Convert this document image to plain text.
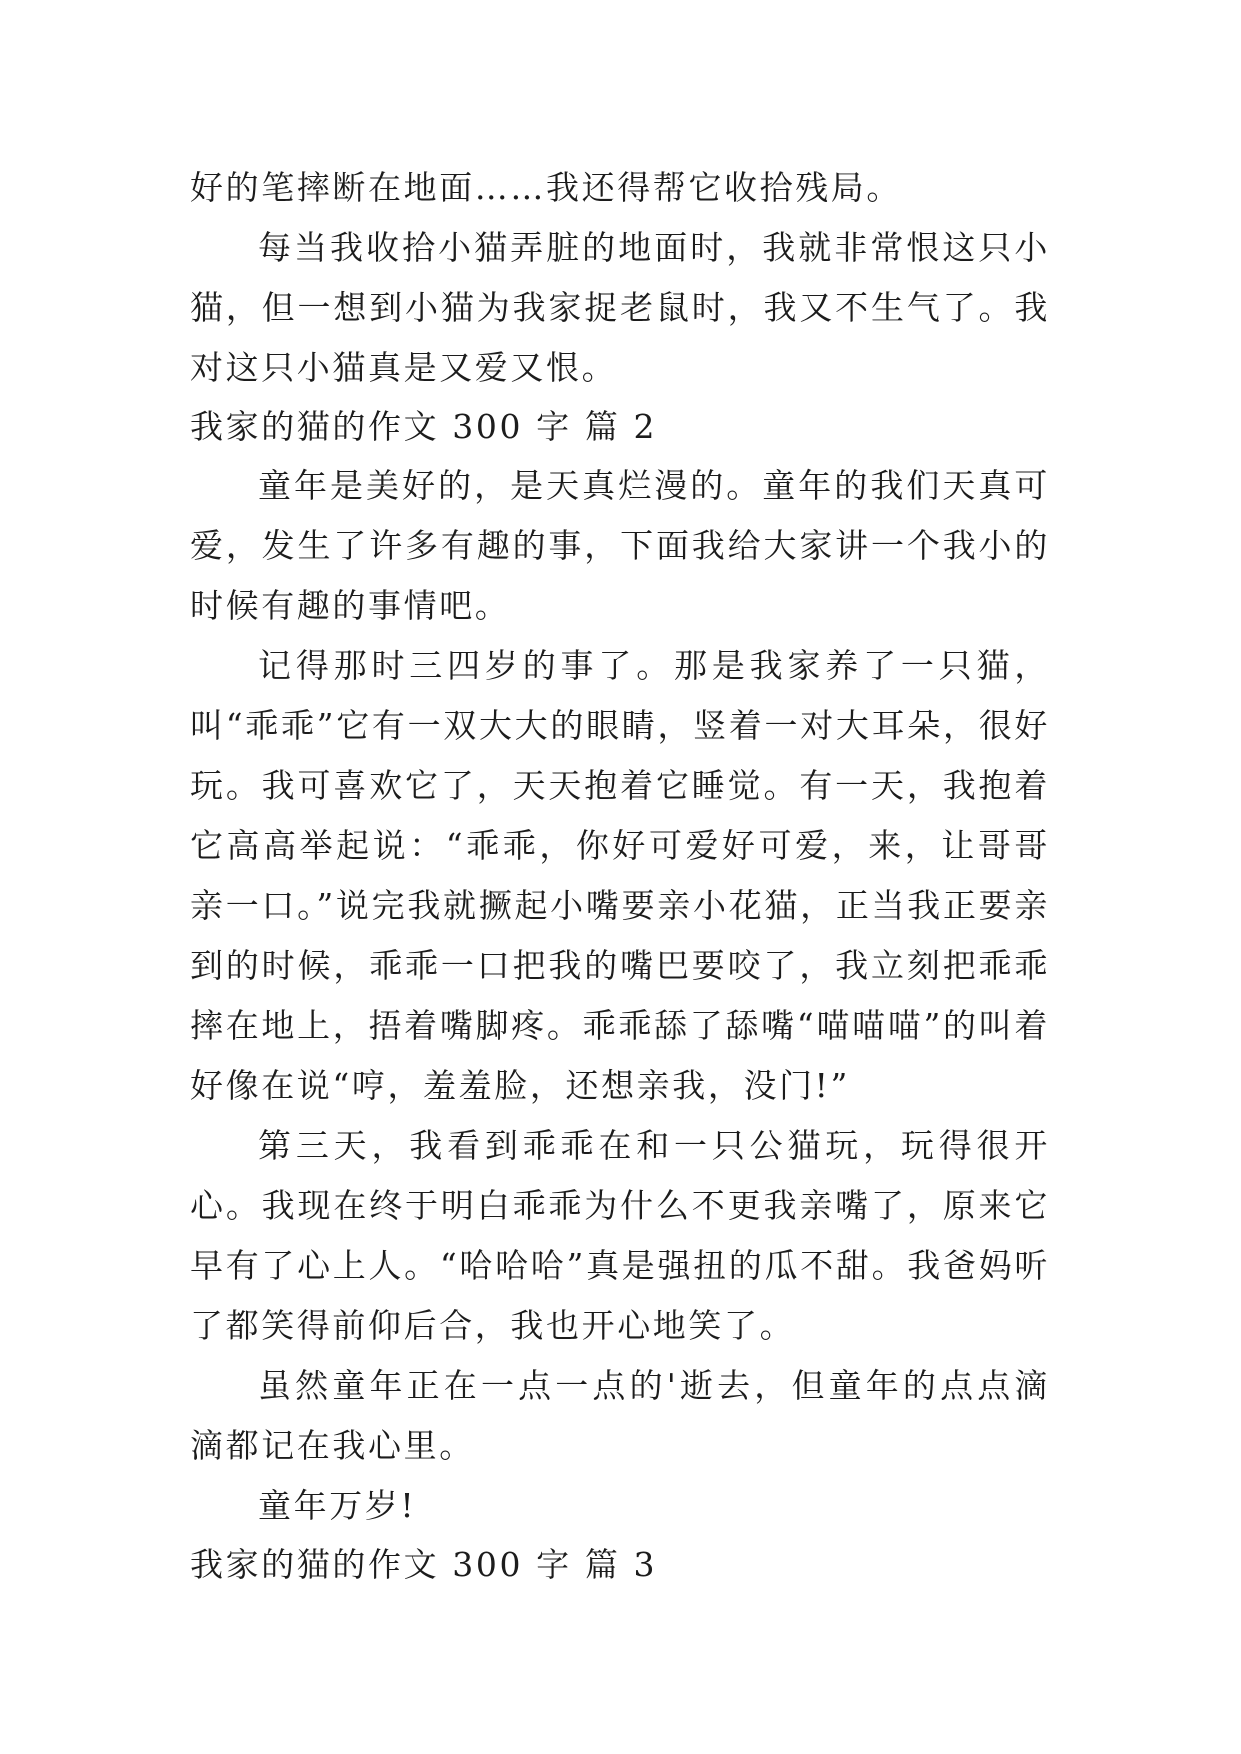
好的笔摔断在地面……我还得帮它收拾残局。

每当我收拾小猫弄脏的地面时，我就非常恨这只小猫，但一想到小猫为我家捉老鼠时，我又不生气了。我对这只小猫真是又爱又恨。

我家的猫的作文 300 字 篇 2

童年是美好的，是天真烂漫的。童年的我们天真可爱，发生了许多有趣的事，下面我给大家讲一个我小的时候有趣的事情吧。

记得那时三四岁的事了。那是我家养了一只猫，叫“乖乖”它有一双大大的眼睛，竖着一对大耳朵，很好玩。我可喜欢它了，天天抱着它睡觉。有一天，我抱着它高高举起说：“乖乖，你好可爱好可爱，来，让哥哥亲一口。”说完我就撅起小嘴要亲小花猫，正当我正要亲到的时候，乖乖一口把我的嘴巴要咬了，我立刻把乖乖摔在地上，捂着嘴脚疼。乖乖舔了舔嘴“喵喵喵”的叫着好像在说“哼，羞羞脸，还想亲我，没门!”

第三天，我看到乖乖在和一只公猫玩，玩得很开心。我现在终于明白乖乖为什么不更我亲嘴了，原来它早有了心上人。“哈哈哈”真是强扭的瓜不甜。我爸妈听了都笑得前仰后合，我也开心地笑了。

虽然童年正在一点一点的'逝去，但童年的点点滴滴都记在我心里。

童年万岁!

我家的猫的作文 300 字 篇 3
